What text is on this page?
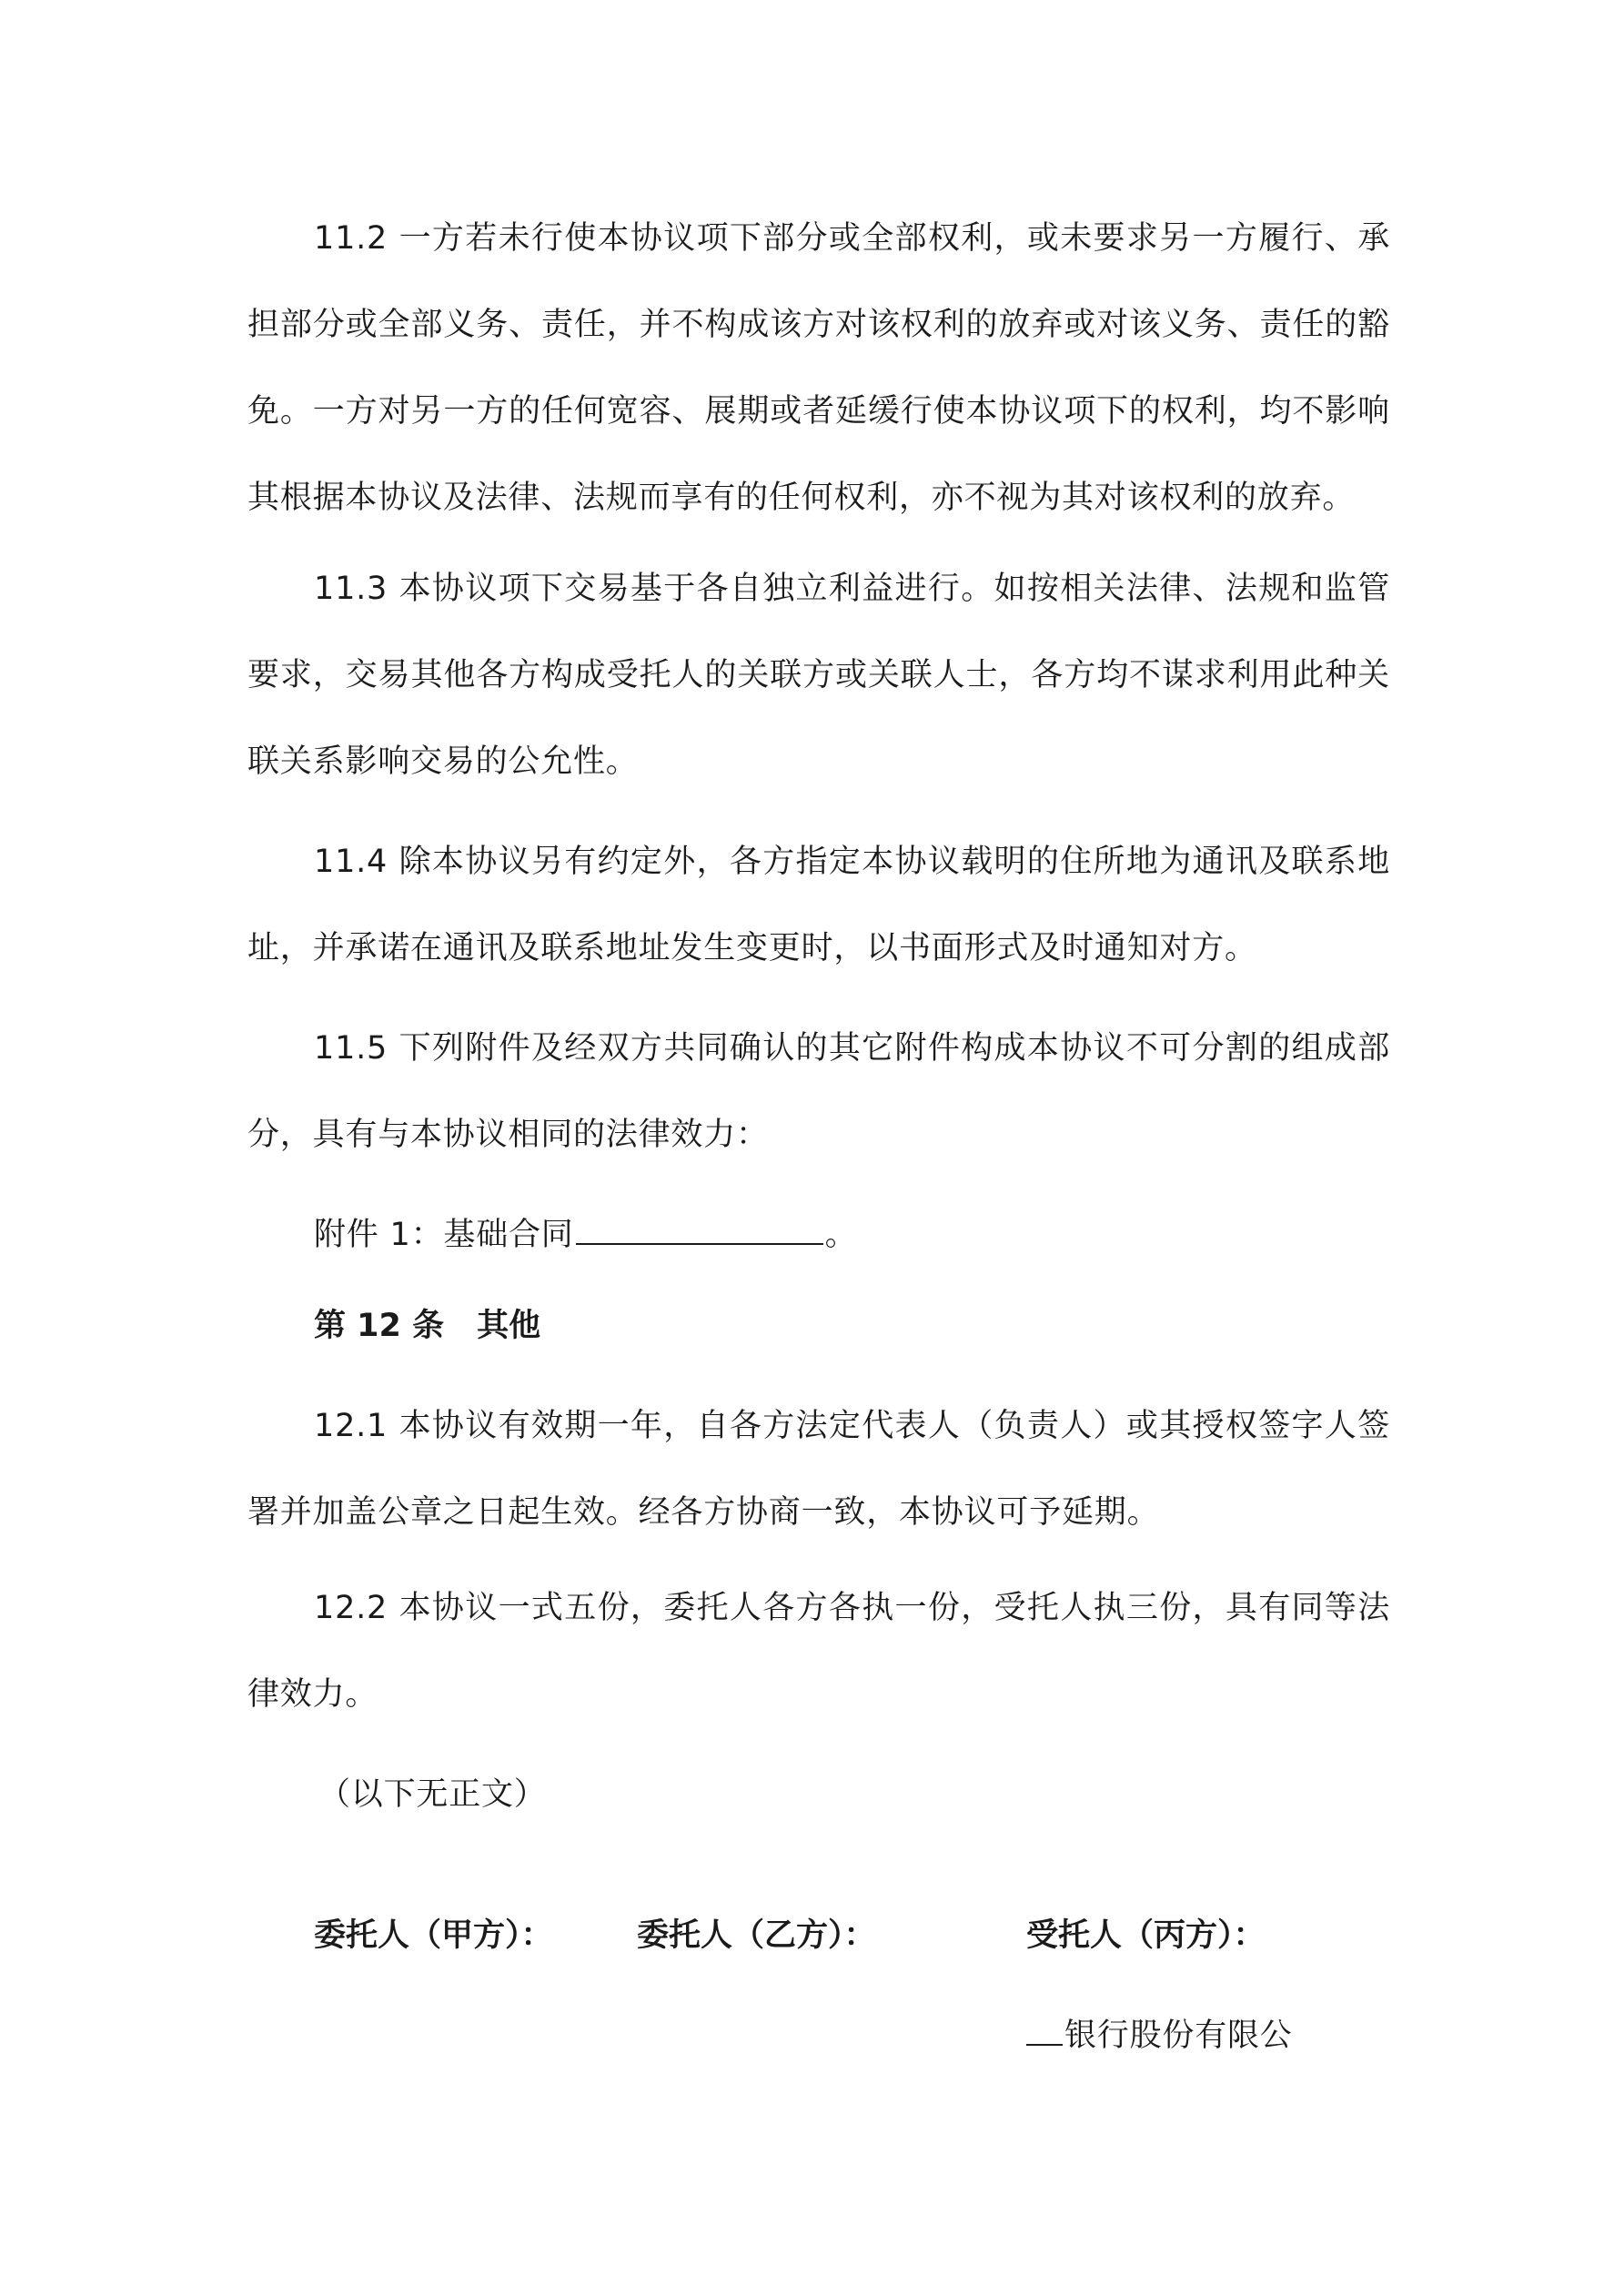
11.2 一方若未行使本协议项下部分或全部权利，或未要求另一方履行、承担部分或全部义务、责任，并不构成该方对该权利的放弃或对该义务、责任的豁免。一方对另一方的任何宽容、展期或者延缓行使本协议项下的权利，均不影响其根据本协议及法律、法规而享有的任何权利，亦不视为其对该权利的放弃。

11.3 本协议项下交易基于各自独立利益进行。如按相关法律、法规和监管要求，交易其他各方构成受托人的关联方或关联人士，各方均不谋求利用此种关联关系影响交易的公允性。

11.4 除本协议另有约定外，各方指定本协议载明的住所地为通讯及联系地址，并承诺在通讯及联系地址发生变更时，以书面形式及时通知对方。

11.5 下列附件及经双方共同确认的其它附件构成本协议不可分割的组成部分，具有与本协议相同的法律效力：

附件 1：基础合同	。

第 12 条 其他

12.1 本协议有效期一年，自各方法定代表人（负责人）或其授权签字人签署并加盖公章之日起生效。经各方协商一致，本协议可予延期。

12.2 本协议一式五份，委托人各方各执一份，受托人执三份，具有同等法律效力。

（以下无正文）

委托人（甲方）：	委托人（乙方）：	受托人（丙方）：

银行股份有限公
